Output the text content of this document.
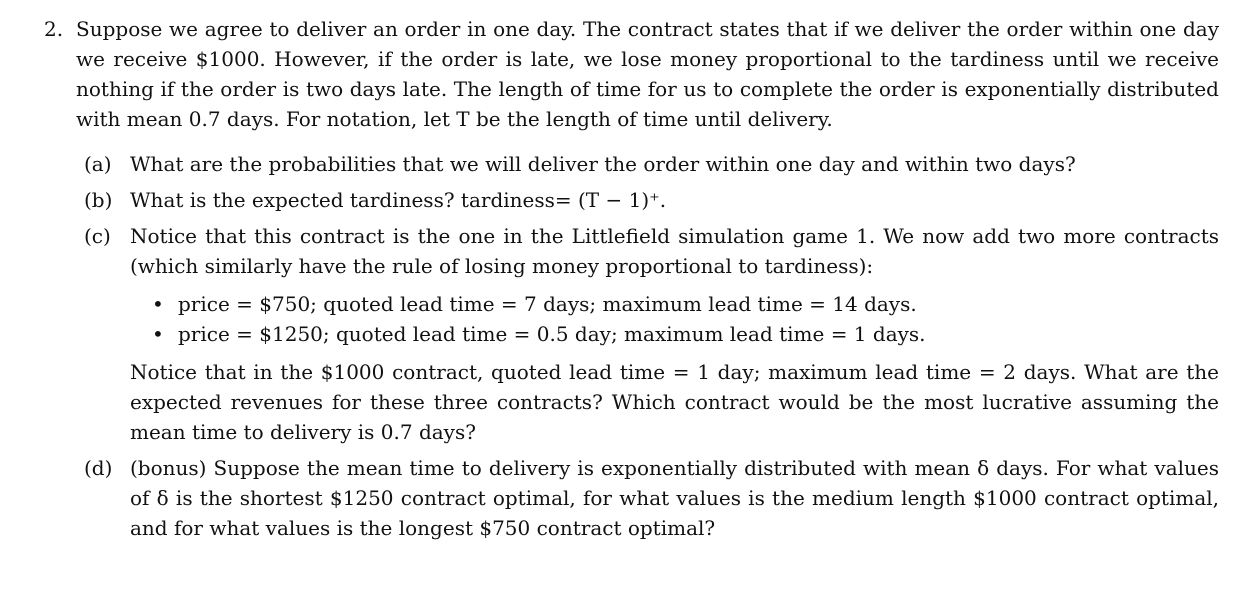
2. Suppose we agree to deliver an order in one day. The contract states that if we deliver the order within one day we receive $1000. However, if the order is late, we lose money proportional to the tardiness until we receive nothing if the order is two days late. The length of time for us to complete the order is exponentially distributed with mean 0.7 days. For notation, let T be the length of time until delivery.
(a) What are the probabilities that we will deliver the order within one day and within two days?
(b) What is the expected tardiness? tardiness= (T − 1)⁺.
(c) Notice that this contract is the one in the Littlefield simulation game 1. We now add two more contracts (which similarly have the rule of losing money proportional to tardiness):
• price = $750; quoted lead time = 7 days; maximum lead time = 14 days.
• price = $1250; quoted lead time = 0.5 day; maximum lead time = 1 days.
Notice that in the $1000 contract, quoted lead time = 1 day; maximum lead time = 2 days. What are the expected revenues for these three contracts? Which contract would be the most lucrative assuming the mean time to delivery is 0.7 days?
(d) (bonus) Suppose the mean time to delivery is exponentially distributed with mean δ days. For what values of δ is the shortest $1250 contract optimal, for what values is the medium length $1000 contract optimal, and for what values is the longest $750 contract optimal?
